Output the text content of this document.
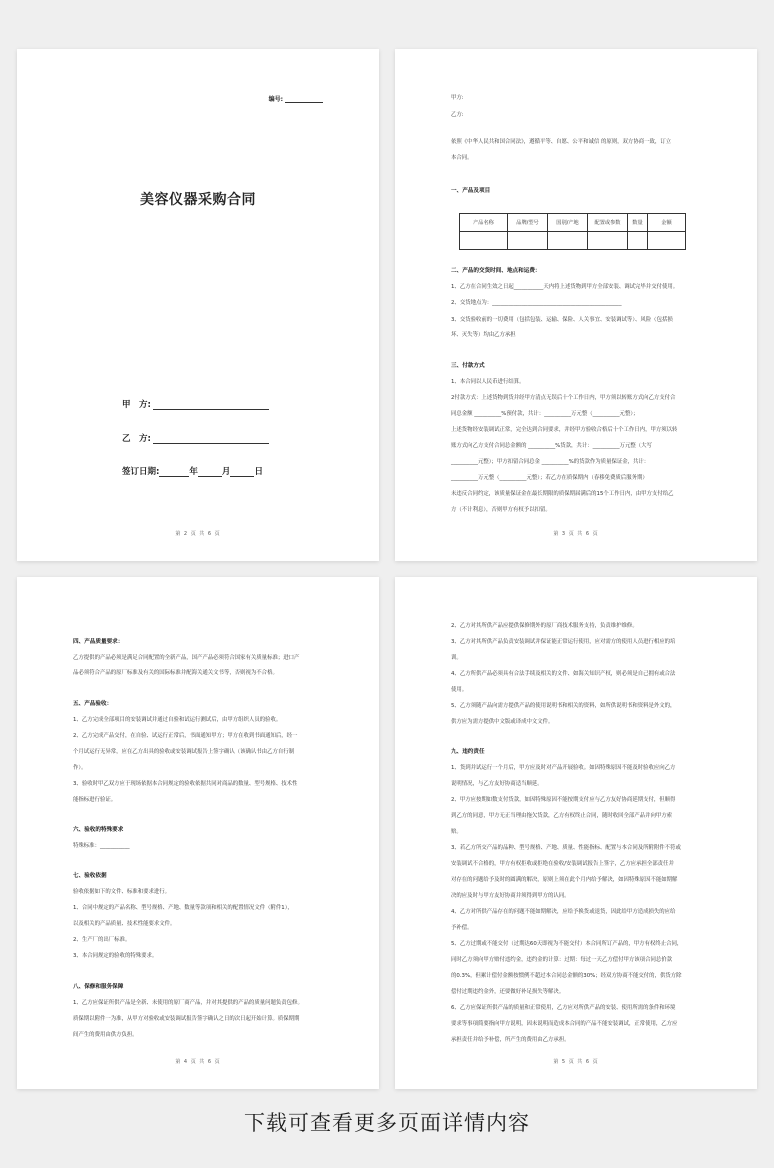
编号:
美容仪器采购合同
甲　方:
乙　方:
签订日期:	年	月	日
第 2 页 共 6 页
甲方:
乙方:
依照《中华人民共和国合同法》，遵循平等、自愿、公平和诚信 的原则，双方协商一致，订立
本合同。
一、产品及项目
产品名称	品牌/型号	国别/产地	配置或参数	数量	金额

二、产品的交货时间、地点和运费：
1、乙方在合同生效之日起___________天内将上述货物到甲方全部安装、调试完毕并交付使用。
2、交货地点为：________________________________________________
3、交货验收前的一切费用（包括包装、运输、保险、人关事宜、安装调试等）、风险（包括损
坏、灭失等）均由乙方承担
三、付款方式
1、本合同以人民币进行结算。
2付款方式：上述货物到货并经甲方清点无误后十个工作日内，甲方须以转账方式向乙方支付合
同总金额 __________%预付款，共计：__________万元整（__________元整）；
上述货物经安装调试正常，完全达到合同要求，并经甲方验收合格后十个工作日内，甲方须以转
账方式向乙方支付合同总金额的 __________%货款，共计：__________万元整（大写
__________元整）；甲方扣留合同总金 __________%的货款作为质量保证金，共计：
__________万元整（__________元整）；若乙方在质保期内（春移免费质后服务期）
未违反合同约定，该质量保证金在最长期限的质保期届满后的15个工作日内，由甲方支付给乙
方（不计利息），否则甲方有权予以扣留。
第 3 页 共 6 页
四、产品质量要求：
乙方提供的产品必须是满足合同配置的全新产品，国产产品必须符合国家有关质量标准；进口产
品必须符合产品的原厂标准及有关的国际标准并配海关通关文书等，否则视为不合格。
五、产品验收：
1、乙方完成全部项目的安装调试并通过自验和试运行测试后，由甲方组织人员的验收。
2、乙方完成产品交付，在自验、试运行正常后，书面通知甲方；甲方在收到书面通知后，经一
个月试运行无异常，应在乙方出具的验收或安装调试报告上签字确认（该确认书由乙方自行制
作）。
3、验收时甲乙双方应于现场依据本合同规定的验收依据共同对商品的数量、型号规格、技术性
能指标进行验证。
六、验收的特殊要求
特殊标准：___________
七、验收依据
验收依据如下的文件、标准和要求进行。
1、合同中规定的产品名称、型号规格、产地、数量等款项和相关的配置情况文件（附件1），
以及相关的产品质量、技术性能要求文件。
2、生产厂的出厂标准。
3、本合同规定的验收的特殊要求。
八、保修和服务保障
1、乙方应保证所供产品是全新、未使用的原厂商产品，并对其提供的产品的质量问题负责包修。
质保期以附件一为准，从甲方对验收或安装调试报告签字确认之日的次日起开始计算。质保期期
间产生的费用由供方负担。
第 4 页 共 6 页
2、乙方对其所供产品应提供保修期外的原厂商技术服务支持，负责维护维修。
3、乙方对其所供产品负责安装调试并保证能正常运行使用，应对需方的使用人员进行相应的培
训。
4、乙方所供产品必须具有合法手续及相关的文件、如海关知识产权，则必须是自己拥有或合法
使用。
5、乙方须随产品向需方提供产品的使用说明书和相关的资料，如所供说明书和资料是外文的，
供方应为需方提供中文版或译成中文文件。
九、违约责任
1、货到并试运行一个月后，甲方应及时对产品开展验收。如因特殊原因不能及时验收应向乙方
说明情况，与乙方友好协商适当顺延。
2、甲方应按期如数支付货款，如因特殊原因不能按期支付应与乙方友好协商延期支付，但顺得
到乙方的同意，甲方无正当理由拖欠货款，乙方有权终止合同，随时收回全部产品并向甲方索
赔。
3、若乙方所交产品的品种、型号规格、产地、质量、性能指标、配置与本合同及所附附件不符或
安装调试不合格的，甲方有权拒收或拒绝在验收/安装调试报告上签字，乙方应承担全部责任并
对存在的问题给予及时的圆满的解决，原则上须在此个月内给予解决，如因特殊原因不能如期解
决的应及时与甲方友好协商并须得到甲方的认同。
4、乙方对所供产品存在的问题不能如期解决，应给予换货或退货，因此给甲方造成损失的应给
予补偿。
5、乙方过期或不能交付（过期达60天即视为不能交付）本合同所订产品的，甲方有权终止合同，
同时乙方须向甲方赔付违约金，违约金的计算：过期：每过一天乙方偿付甲方该项合同总价款
的0.3%，但累计偿付金额按惯例不超过本合同总金额的30%；经双方协商不能交付的，供货方除
偿付过期违约金外，还要做好补足损失等解决。
6、乙方应保证所供产品的质量和正常使用，乙方应对所供产品的安装、使用所需的条件和环境
要求等事项简要指向甲方说明，因未说明而造成本合同的产品不能安装调试，正常使用，乙方应
承担责任并给予补偿，所产生的费用由乙方承担。
第 5 页 共 6 页
下载可查看更多页面详情内容
